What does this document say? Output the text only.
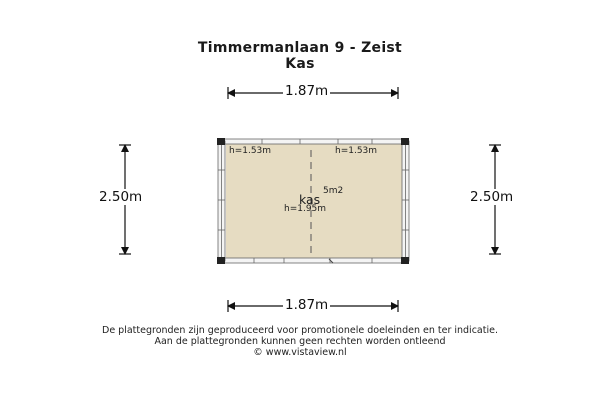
Timmermanlaan 9 - Zeist
Kas
1.87m
1.87m
2.50m	2.50m
h=1.53m	h=1.53m
kas
5m2
h=1.95m
De plattegronden zijn geproduceerd voor promotionele doeleinden en ter indicatie.
Aan de plattegronden kunnen geen rechten worden ontleend
© www.vistaview.nl
